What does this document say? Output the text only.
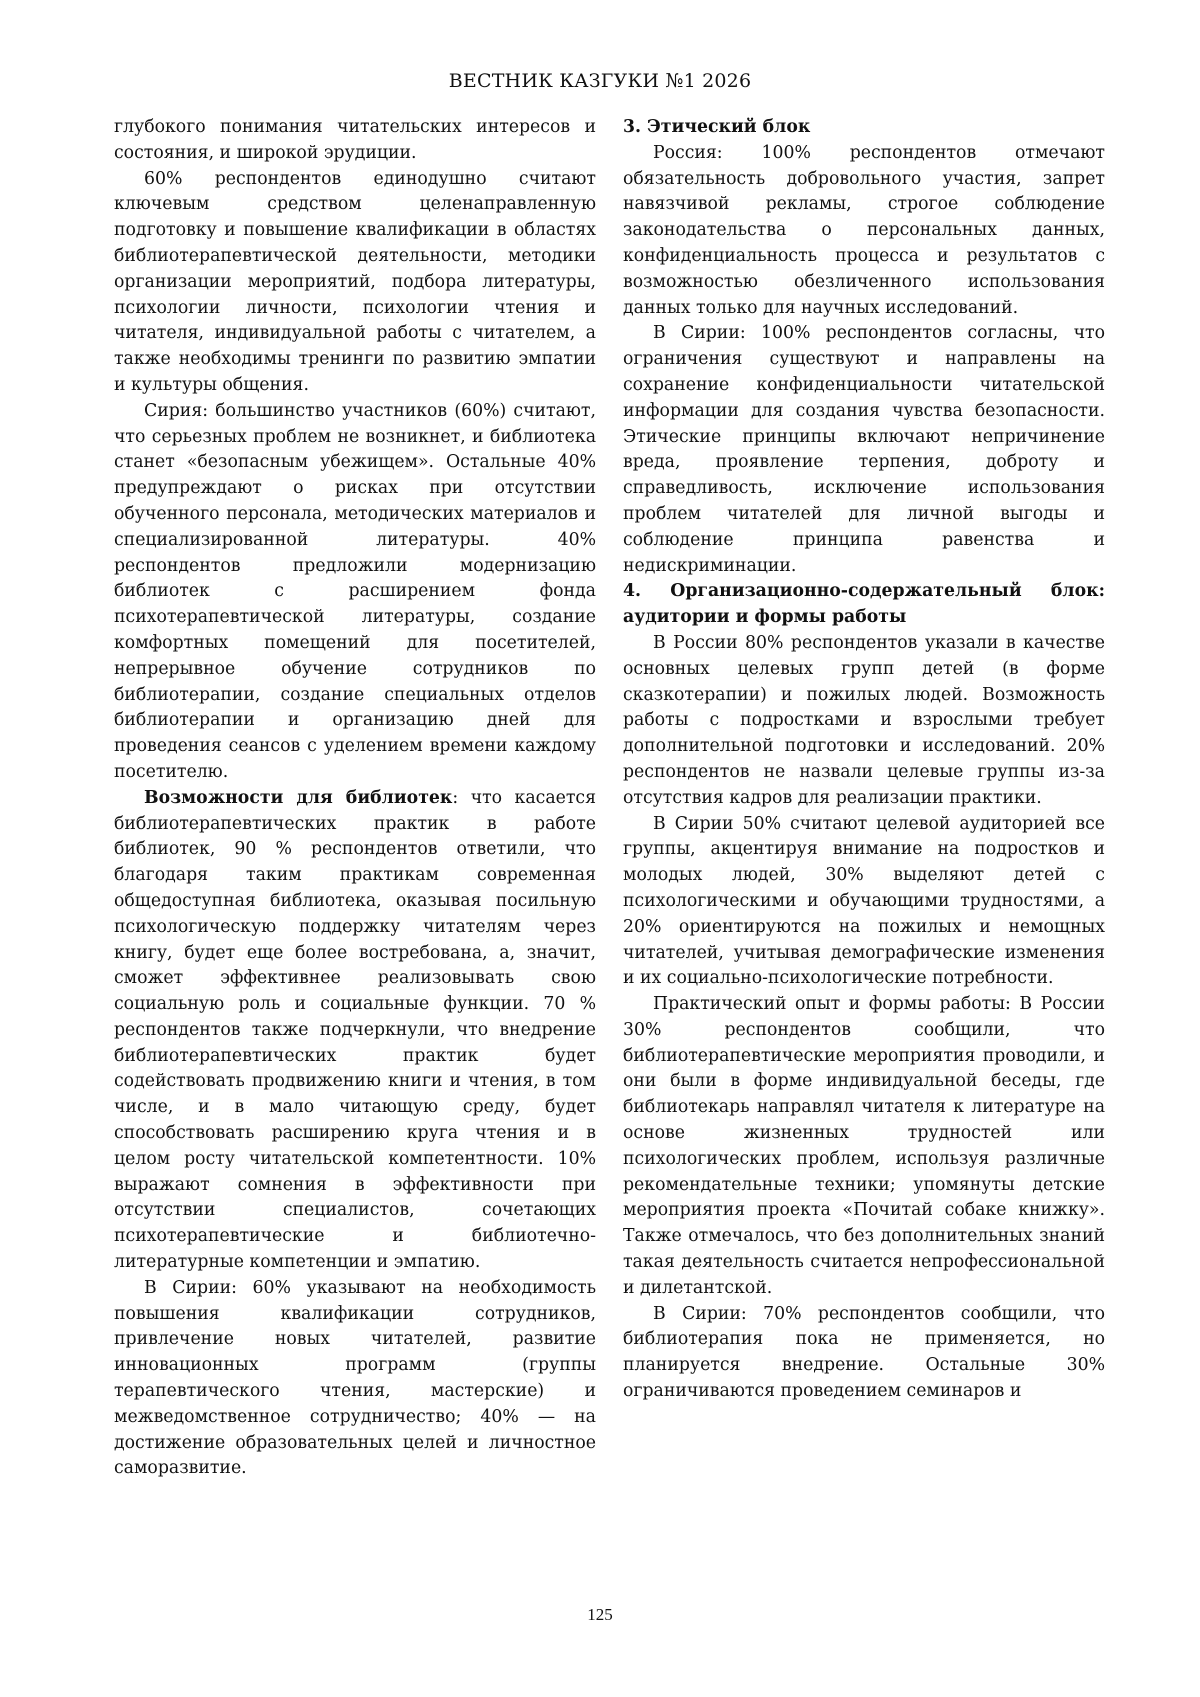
ВЕСТНИК КАЗГУКИ №1 2026

глубокого понимания читательских интересов и состояния, и широкой эрудиции.

60% респондентов единодушно считают ключевым средством целенаправленную подготовку и повышение квалификации в областях библиотерапевтической деятельности, методики организации мероприятий, подбора литературы, психологии личности, психологии чтения и читателя, индивидуальной работы с читателем, а также необходимы тренинги по развитию эмпатии и культуры общения.

Сирия: большинство участников (60%) считают, что серьезных проблем не возникнет, и библиотека станет «безопасным убежищем». Остальные 40% предупреждают о рисках при отсутствии обученного персонала, методических материалов и специализированной литературы. 40% респондентов предложили модернизацию библиотек с расширением фонда психотерапевтической литературы, создание комфортных помещений для посетителей, непрерывное обучение сотрудников по библиотерапии, создание специальных отделов библиотерапии и организацию дней для проведения сеансов с уделением времени каждому посетителю.

Возможности для библиотек: что касается библиотерапевтических практик в работе библиотек, 90 % респондентов ответили, что благодаря таким практикам современная общедоступная библиотека, оказывая посильную психологическую поддержку читателям через книгу, будет еще более востребована, а, значит, сможет эффективнее реализовывать свою социальную роль и социальные функции. 70 % респондентов также подчеркнули, что внедрение библиотерапевтических практик будет содействовать продвижению книги и чтения, в том числе, и в мало читающую среду, будет способствовать расширению круга чтения и в целом росту читательской компетентности. 10% выражают сомнения в эффективности при отсутствии специалистов, сочетающих психотерапевтические и библиотечно-литературные компетенции и эмпатию.

В Сирии: 60% указывают на необходимость повышения квалификации сотрудников, привлечение новых читателей, развитие инновационных программ (группы терапевтического чтения, мастерские) и межведомственное сотрудничество; 40% — на достижение образовательных целей и личностное саморазвитие.

3. Этический блок

Россия: 100% респондентов отмечают обязательность добровольного участия, запрет навязчивой рекламы, строгое соблюдение законодательства о персональных данных, конфиденциальность процесса и результатов с возможностью обезличенного использования данных только для научных исследований.

В Сирии: 100% респондентов согласны, что ограничения существуют и направлены на сохранение конфиденциальности читательской информации для создания чувства безопасности. Этические принципы включают непричинение вреда, проявление терпения, доброту и справедливость, исключение использования проблем читателей для личной выгоды и соблюдение принципа равенства и недискриминации.

4. Организационно-содержательный блок: аудитории и формы работы

В России 80% респондентов указали в качестве основных целевых групп детей (в форме сказкотерапии) и пожилых людей. Возможность работы с подростками и взрослыми требует дополнительной подготовки и исследований. 20% респондентов не назвали целевые группы из-за отсутствия кадров для реализации практики.

В Сирии 50% считают целевой аудиторией все группы, акцентируя внимание на подростков и молодых людей, 30% выделяют детей с психологическими и обучающими трудностями, а 20% ориентируются на пожилых и немощных читателей, учитывая демографические изменения и их социально-психологические потребности.

Практический опыт и формы работы: В России 30% респондентов сообщили, что библиотерапевтические мероприятия проводили, и они были в форме индивидуальной беседы, где библиотекарь направлял читателя к литературе на основе жизненных трудностей или психологических проблем, используя различные рекомендательные техники; упомянуты детские мероприятия проекта «Почитай собаке книжку». Также отмечалось, что без дополнительных знаний такая деятельность считается непрофессиональной и дилетантской.

В Сирии: 70% респондентов сообщили, что библиотерапия пока не применяется, но планируется внедрение. Остальные 30% ограничиваются проведением семинаров и

125
